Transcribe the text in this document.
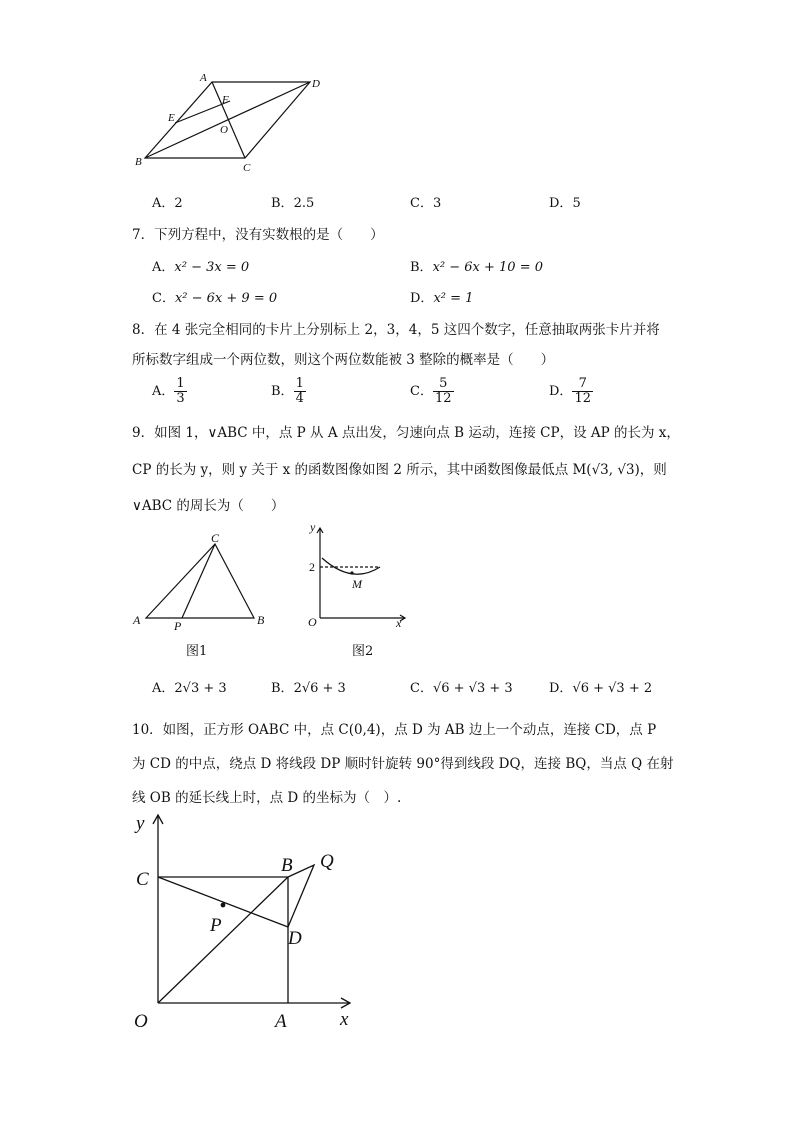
A	D
F
E
O
B	C
A．2	B．2.5	C．3	D．5
7．下列方程中，没有实数根的是（　　）
A．x² − 3x = 0	B．x² − 6x + 10 = 0
C．x² − 6x + 9 = 0	D．x² = 1
8．在 4 张完全相同的卡片上分别标上 2，3，4，5 这四个数字，任意抽取两张卡片并将
所标数字组成一个两位数，则这个两位数能被 3 整除的概率是（　　）
A． $\frac{1}{3}$	B． $\frac{1}{4}$	C． $\frac{5}{12}$	D． $\frac{7}{12}$
9．如图 1，∨ABC 中，点 P 从 A 点出发，匀速向点 B 运动，连接 CP，设 AP 的长为 x，
CP 的长为 y，则 y 关于 x 的函数图像如图 2 所示，其中函数图像最低点 M(√3, √3)，则
∨ABC 的周长为（　　）
C
A	P	B
图1
y
2
M
O	x
图2
A．2√3 + 3	B．2√6 + 3	C．√6 + √3 + 3	D．√6 + √3 + 2
10．如图，正方形 OABC 中，点 C(0,4)，点 D 为 AB 边上一个动点，连接 CD，点 P
为 CD 的中点，绕点 D 将线段 DP 顺时针旋转 90°得到线段 DQ，连接 BQ，当点 Q 在射
线 OB 的延长线上时，点 D 的坐标为（　）.
y
C
B Q
P
D
O	A	x
